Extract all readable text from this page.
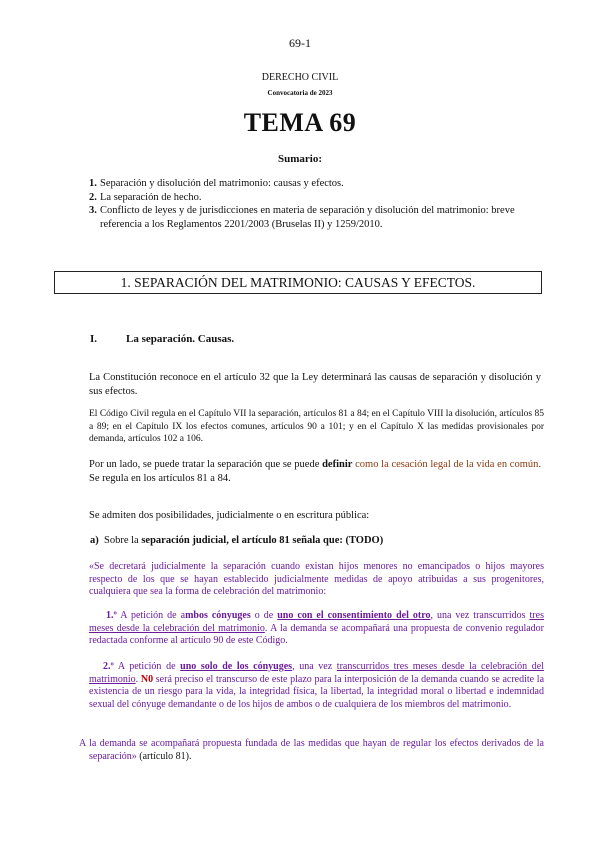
69-1
DERECHO CIVIL
Convocatoria de 2023
TEMA 69
Sumario:
1. Separación y disolución del matrimonio: causas y efectos.
2. La separación de hecho.
3. Conflicto de leyes y de jurisdicciones en materia de separación y disolución del matrimonio: breve referencia a los Reglamentos 2201/2003 (Bruselas II) y 1259/2010.
1. SEPARACIÓN DEL MATRIMONIO: CAUSAS Y EFECTOS.
I.	La separación. Causas.
La Constitución reconoce en el artículo 32 que la Ley determinará las causas de separación y disolución y sus efectos.
El Código Civil regula en el Capítulo VII la separación, artículos 81 a 84; en el Capítulo VIII la disolución, artículos 85 a 89; en el Capítulo IX los efectos comunes, artículos 90 a 101; y en el Capítulo X las medidas provisionales por demanda, artículos 102 a 106.
Por un lado, se puede tratar la separación que se puede definir como la cesación legal de la vida en común. Se regula en los artículos 81 a 84.
Se admiten dos posibilidades, judicialmente o en escritura pública:
a) Sobre la separación judicial, el artículo 81 señala que: (TODO)
«Se decretará judicialmente la separación cuando existan hijos menores no emancipados o hijos mayores respecto de los que se hayan establecido judicialmente medidas de apoyo atribuidas a sus progenitores, cualquiera que sea la forma de celebración del matrimonio:
1.º A petición de ambos cónyuges o de uno con el consentimiento del otro, una vez transcurridos tres meses desde la celebración del matrimonio. A la demanda se acompañará una propuesta de convenio regulador redactada conforme al artículo 90 de este Código.
2.º A petición de uno solo de los cónyuges, una vez transcurridos tres meses desde la celebración del matrimonio. N0 será preciso el transcurso de este plazo para la interposición de la demanda cuando se acredite la existencia de un riesgo para la vida, la integridad física, la libertad, la integridad moral o libertad e indemnidad sexual del cónyuge demandante o de los hijos de ambos o de cualquiera de los miembros del matrimonio.
A la demanda se acompañará propuesta fundada de las medidas que hayan de regular los efectos derivados de la separación» (artículo 81).
